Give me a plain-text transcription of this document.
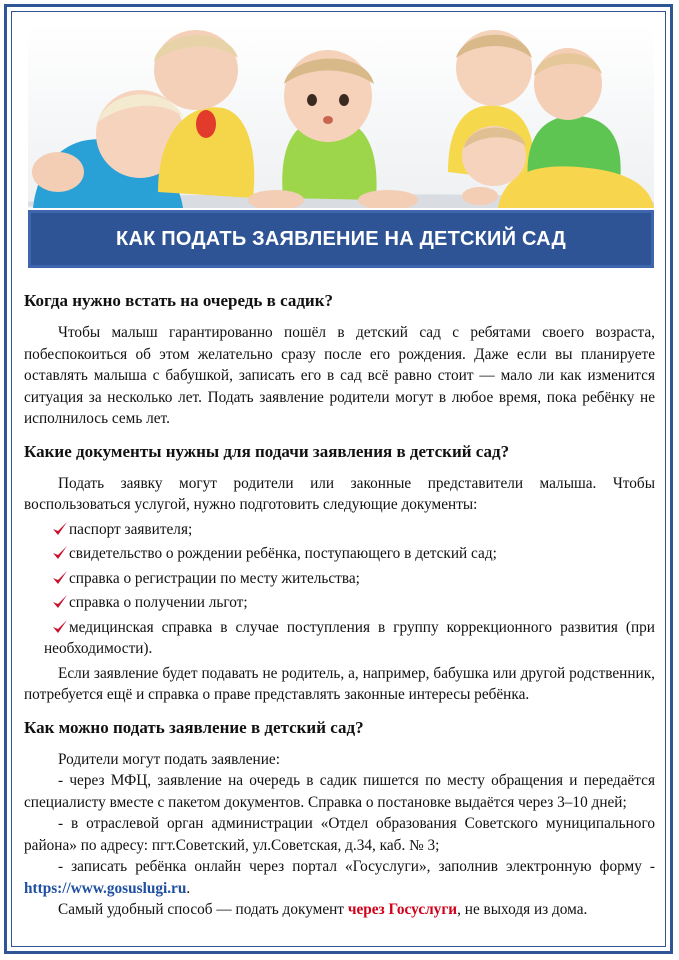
КАК ПОДАТЬ ЗАЯВЛЕНИЕ НА ДЕТСКИЙ САД
Когда нужно встать на очередь в садик?

Чтобы малыш гарантированно пошёл в детский сад с ребятами своего возраста, побеспокоиться об этом желательно сразу после его рождения. Даже если вы планируете оставлять малыша с бабушкой, записать его в сад всё равно стоит — мало ли как изменится ситуация за несколько лет. Подать заявление родители могут в любое время, пока ребёнку не исполнилось семь лет.

Какие документы нужны для подачи заявления в детский сад?

Подать заявку могут родители или законные представители малыша. Чтобы воспользоваться услугой, нужно подготовить следующие документы:

паспорт заявителя;
свидетельство о рождении ребёнка, поступающего в детский сад;
справка о регистрации по месту жительства;
справка о получении льгот;
медицинская справка в случае поступления в группу коррекционного развития (при необходимости).

Если заявление будет подавать не родитель, а, например, бабушка или другой родственник, потребуется ещё и справка о праве представлять законные интересы ребёнка.

Как можно подать заявление в детский сад?

Родители могут подать заявление:

- через МФЦ, заявление на очередь в садик пишется по месту обращения и передаётся специалисту вместе с пакетом документов. Справка о постановке выдаётся через 3–10 дней;

- в отраслевой орган администрации «Отдел образования Советского муниципального района» по адресу: пгт.Советский, ул.Советская, д.34, каб. № 3;

- записать ребёнка онлайн через портал «Госуслуги», заполнив электронную форму - https://www.gosuslugi.ru.

Самый удобный способ — подать документ через Госуслуги, не выходя из дома.
